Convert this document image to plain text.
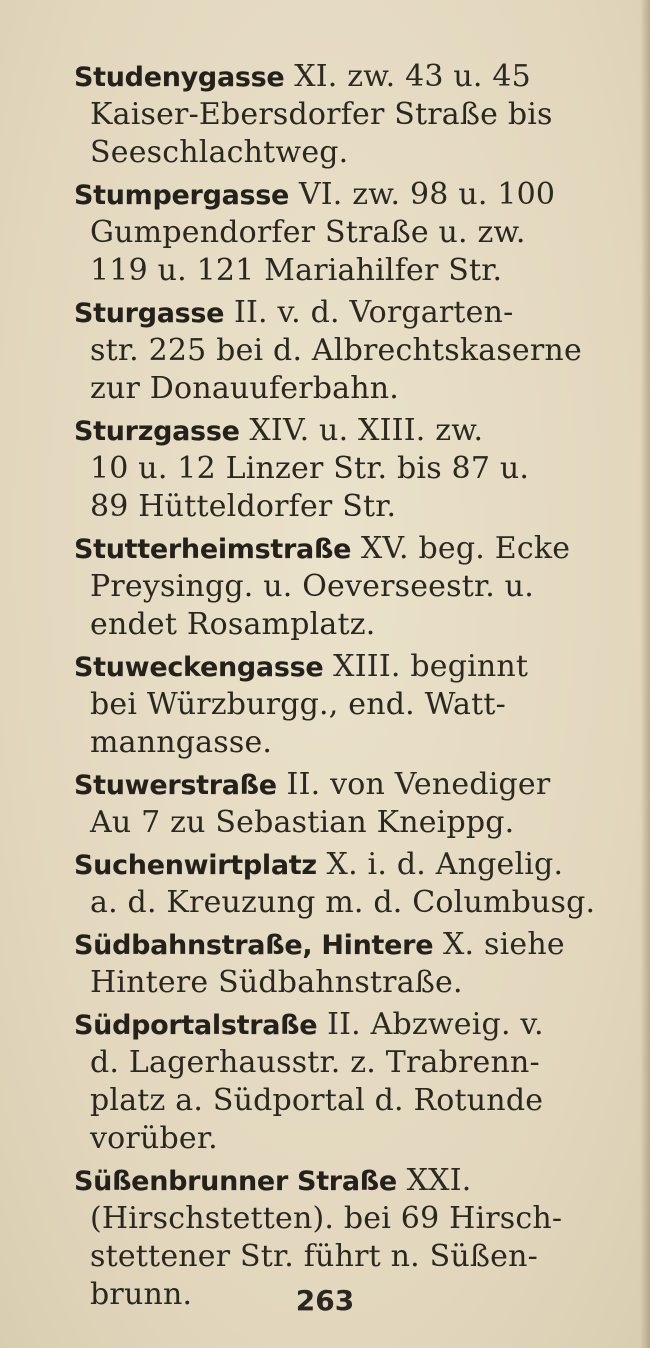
Studenygasse XI. zw. 43 u. 45
Kaiser-Ebersdorfer Straße bis
Seeschlachtweg.
Stumpergasse VI. zw. 98 u. 100
Gumpendorfer Straße u. zw.
119 u. 121 Mariahilfer Str.
Sturgasse II. v. d. Vorgarten-
str. 225 bei d. Albrechtskaserne
zur Donauuferbahn.
Sturzgasse XIV. u. XIII. zw.
10 u. 12 Linzer Str. bis 87 u.
89 Hütteldorfer Str.
Stutterheimstraße XV. beg. Ecke
Preysingg. u. Oeverseestr. u.
endet Rosamplatz.
Stuweckengasse XIII. beginnt
bei Würzburgg., end. Watt-
manngasse.
Stuwerstraße II. von Venediger
Au 7 zu Sebastian Kneippg.
Suchenwirtplatz X. i. d. Angelig.
a. d. Kreuzung m. d. Columbusg.
Südbahnstraße, Hintere X. siehe
Hintere Südbahnstraße.
Südportalstraße II. Abzweig. v.
d. Lagerhausstr. z. Trabrenn-
platz a. Südportal d. Rotunde
vorüber.
Süßenbrunner Straße XXI.
(Hirschstetten). bei 69 Hirsch-
stettener Str. führt n. Süßen-
brunn.	263
